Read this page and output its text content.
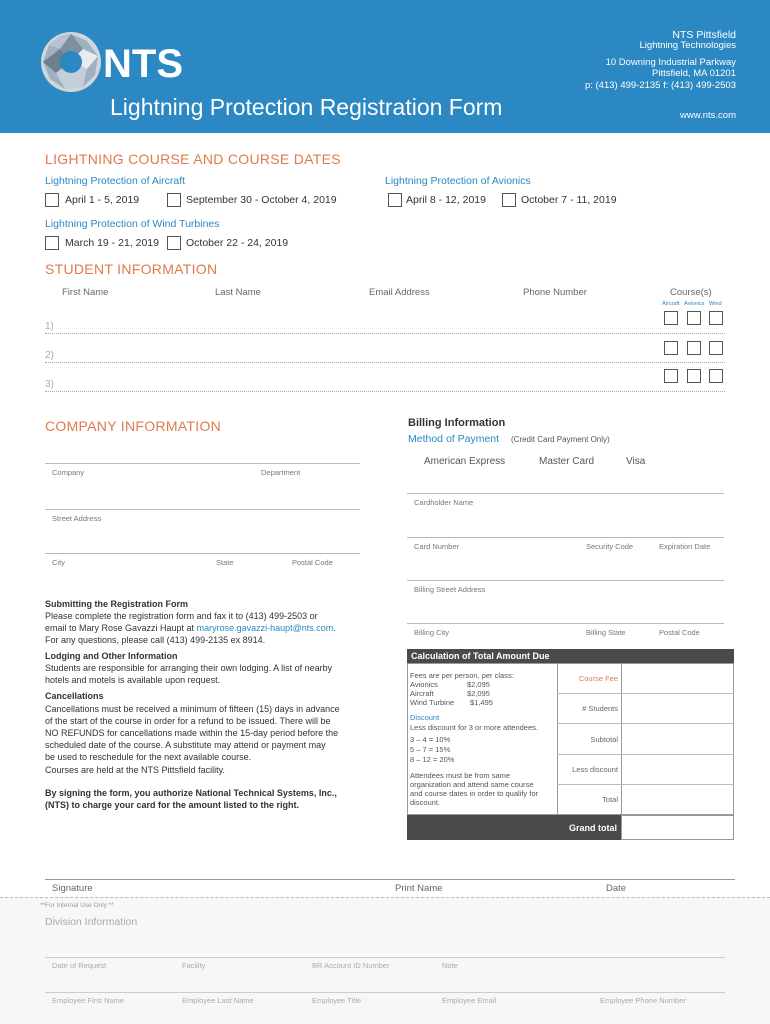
NTS
Lightning Protection Registration Form
NTS Pittsfield
Lightning Technologies
10 Downing Industrial Parkway
Pittsfield, MA 01201
p: (413) 499-2135 f: (413) 499-2503
www.nts.com
LIGHTNING COURSE AND COURSE DATES
Lightning Protection of Aircraft
April 1 - 5, 2019	September 30 - October 4, 2019
Lightning Protection of Avionics
April 8 - 12, 2019	October 7 - 11, 2019
Lightning Protection of Wind Turbines
March 19 - 21, 2019	October 22 - 24, 2019
STUDENT INFORMATION
First Name	Last Name	Email Address	Phone Number	Course(s)
Aircraft Avionics Wind
1)
2)
3)
COMPANY INFORMATION
Company	Department
Street Address
City	State	Postal Code
Billing Information
Method of Payment (Credit Card Payment Only)
American Express	Master Card	Visa
Cardholder Name
Card Number	Security Code	Expiration Date
Billing Street Address
Billing City	Billing State	Postal Code
Submitting the Registration Form
Please complete the registration form and fax it to (413) 499-2503 or
email to Mary Rose Gavazzi Haupt at maryrose.gavazzi-haupt@nts.com.
For any questions, please call (413) 499-2135 ex 8914.
Lodging and Other Information
Students are responsible for arranging their own lodging. A list of nearby
hotels and motels is available upon request.
Cancellations
Cancellations must be received a minimum of fifteen (15) days in advance
of the start of the course in order for a refund to be issued. There will be
NO REFUNDS for cancellations made within the 15-day period before the
scheduled date of the course. A substitute may attend or payment may
be used to reschedule for the next available course.
Courses are held at the NTS Pittsfield facility.
By signing the form, you authorize National Technical Systems, Inc.,
(NTS) to charge your card for the amount listed to the right.
Calculation of Total Amount Due
Fees are per person, per class:
Avionics	$2,095
Aircraft	$2,095
Wind Turbine $1,495
Discount
Less discount for 3 or more attendees.
3 – 4 = 10%
5 – 7 = 15%
8 – 12 = 20%
Attendees must be from same
organization and attend same course
and course dates in order to qualify for
discount.
Course Fee
# Students
Subtotal
Less discount
Total
Grand total
Signature	Print Name	Date
**For Internal Use Only **
Division Information
Date of Request	Facility	BR Account ID Number	Note
Employee First Name	Employee Last Name	Employee Title	Employee Email	Employee Phone Number
